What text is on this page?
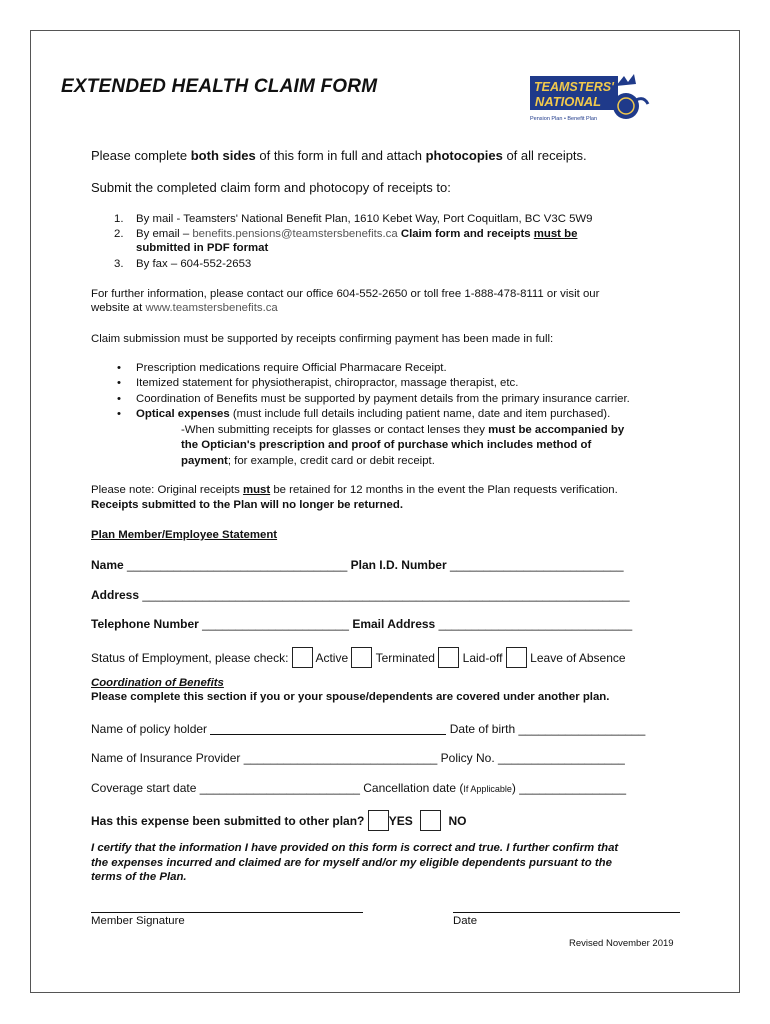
EXTENDED HEALTH CLAIM FORM	TEAMSTERS'
NATIONAL
Pension Plan • Benefit Plan
Please complete both sides of this form in full and attach photocopies of all receipts.
Submit the completed claim form and photocopy of receipts to:
1. By mail - Teamsters' National Benefit Plan, 1610 Kebet Way, Port Coquitlam, BC V3C 5W9
2. By email – benefits.pensions@teamstersbenefits.ca Claim form and receipts must be
submitted in PDF format
3. By fax – 604-552-2653
For further information, please contact our office 604-552-2650 or toll free 1-888-478-8111 or visit our
website at www.teamstersbenefits.ca
Claim submission must be supported by receipts confirming payment has been made in full:
• Prescription medications require Official Pharmacare Receipt.
• Itemized statement for physiotherapist, chiropractor, massage therapist, etc.
• Coordination of Benefits must be supported by payment details from the primary insurance carrier.
• Optical expenses (must include full details including patient name, date and item purchased).
-When submitting receipts for glasses or contact lenses they must be accompanied by
the Optician's prescription and proof of purchase which includes method of
payment; for example, credit card or debit receipt.
Please note: Original receipts must be retained for 12 months in the event the Plan requests verification.
Receipts submitted to the Plan will no longer be returned.
Plan Member/Employee Statement
Name _________________________________ Plan I.D. Number __________________________
Address _________________________________________________________________________
Telephone Number ______________________ Email Address _____________________________
Status of Employment, please check: Active Terminated Laid-off Leave of Absence
Coordination of Benefits
Please complete this section if you or your spouse/dependents are covered under another plan.
Name of policy holder	Date of birth ___________________
Name of Insurance Provider _____________________________ Policy No. ___________________
Coverage start date ________________________ Cancellation date (If Applicable) ________________
Has this expense been submitted to other plan? YES	NO
I certify that the information I have provided on this form is correct and true. I further confirm that
the expenses incurred and claimed are for myself and/or my eligible dependents pursuant to the
terms of the Plan.
Member Signature	Date
Revised November 2019
